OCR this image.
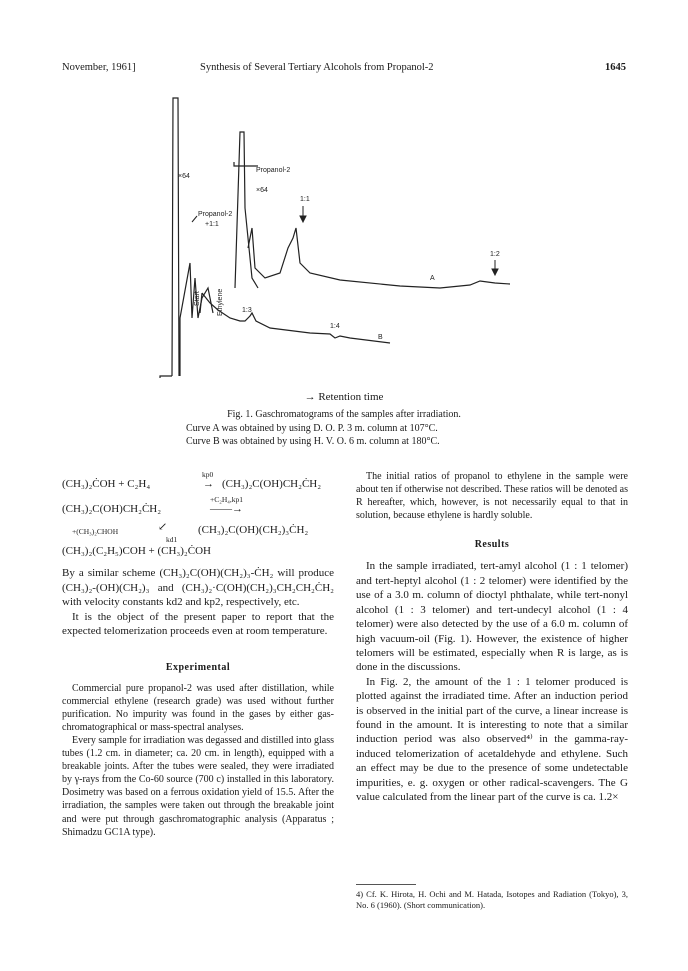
November, 1961]	Synthesis of Several Tertiary Alcohols from Propanol-2	1645
×64
Propanol-2
×64
1:1
Propanol-2
+1:1
Start Ethylene
1:2
A
1:3
1:4
B
→ Retention time
Fig. 1. Gaschromatograms of the samples after irradiation.
Curve A was obtained by using D. O. P. 3 m. column at 107°C.
Curve B was obtained by using H. V. O. 6 m. column at 180°C.
kp0
(CH₃)₂ĊOH + C₂H₄	→ (CH₃)₂C(OH)CH₂ĊH₂
+C₂H₄,kp1
(CH₃)₂C(OH)CH₂ĊH₂	——→
+(CH₃)₂CHOH	↙	(CH₃)₂C(OH)(CH₂)₃ĊH₂
kd1
(CH₃)₂(C₂H₅)COH + (CH₃)₂ĊOH

By a similar scheme (CH₃)₂C(OH)(CH₂)₃-ĊH₂ will produce (CH₃)₂-(OH)(CH₂)₃ and (CH₃)₂·C(OH)(CH₂)₃CH₂CH₂ĊH₂ with velocity constants kd2 and kp2, respectively, etc.

It is the object of the present paper to report that the expected telomerization proceeds even at room temperature.

Experimental

Commercial pure propanol-2 was used after distillation, while commercial ethylene (research grade) was used without further purification. No impurity was found in the gases by either gas-chromatographical or mass-spectral analyses.

Every sample for irradiation was degassed and distilled into glass tubes (1.2 cm. in diameter; ca. 20 cm. in length), equipped with a breakable joints. After the tubes were sealed, they were irradiated by γ-rays from the Co-60 source (700 c) installed in this laboratory. Dosimetry was based on a ferrous oxidation yield of 15.5. After the irradiation, the samples were taken out through the breakable joint and were put through gaschromatographic analysis (Apparatus ; Shimadzu GC1A type).

The initial ratios of propanol to ethylene in the sample were about ten if otherwise not described. These ratios will be denoted as R hereafter, which, however, is not necessarily equal to that in solution, because ethylene is hardly soluble.

Results

In the sample irradiated, tert-amyl alcohol (1 : 1 telomer) and tert-heptyl alcohol (1 : 2 telomer) were identified by the use of a 3.0 m. column of dioctyl phthalate, while tert-nonyl alcohol (1 : 3 telomer) and tert-undecyl alcohol (1 : 4 telomer) were also detected by the use of a 6.0 m. column of high vacuum-oil (Fig. 1). However, the existence of higher telomers will be estimated, especially when R is large, as is done in the discussions.

In Fig. 2, the amount of the 1 : 1 telomer produced is plotted against the irradiated time. After an induction period is observed in the initial part of the curve, a linear increase is found in the amount. It is interesting to note that a similar induction period was also observed⁴⁾ in the gamma-ray-induced telomerization of acetaldehyde and ethylene. Such an effect may be due to the presence of some undetectable impurities, e. g. oxygen or other radical-scavengers. The G value calculated from the linear part of the curve is ca. 1.2×

4) Cf. K. Hirota, H. Ochi and M. Hatada, Isotopes and Radiation (Tokyo), 3, No. 6 (1960). (Short communication).
